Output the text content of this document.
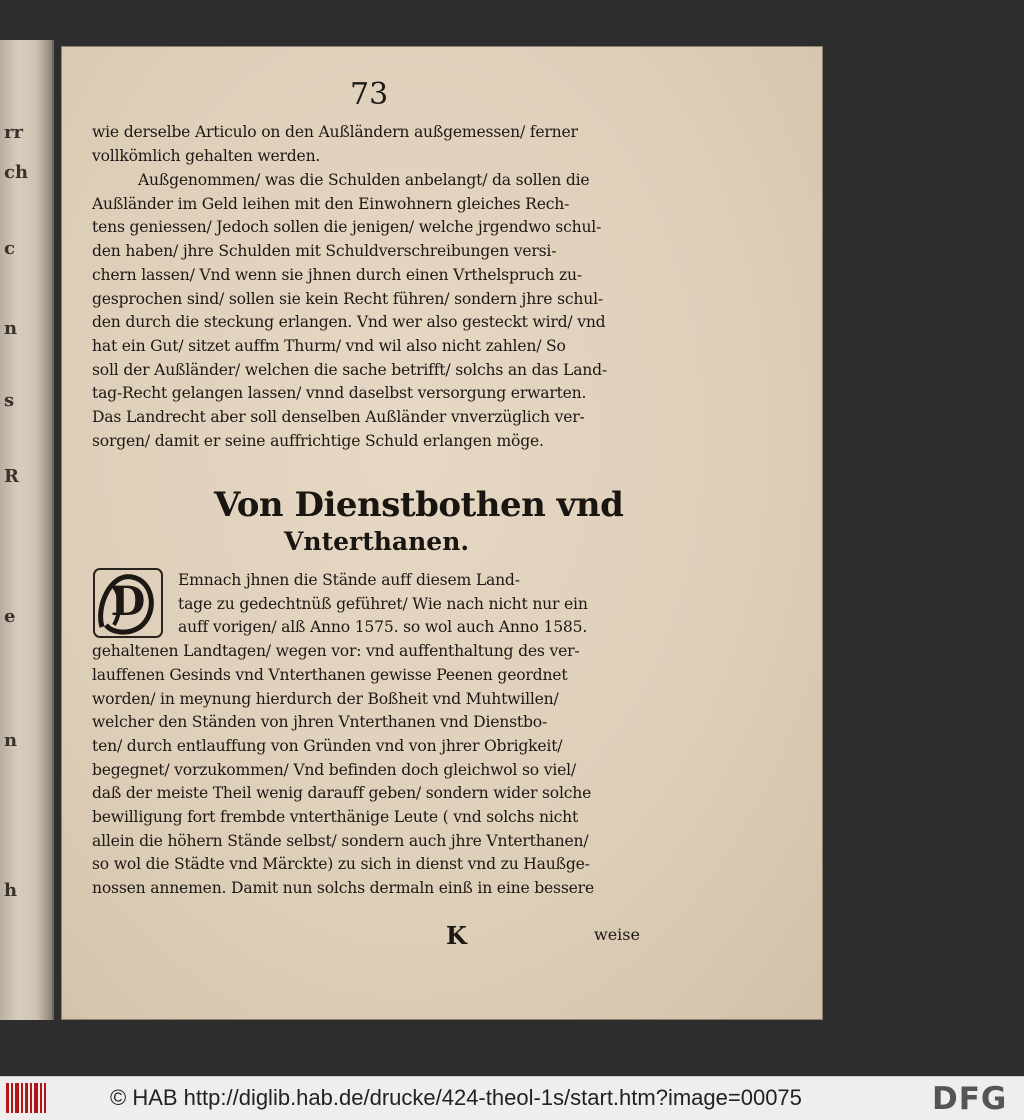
rr
ch
c
n
s
R
e
n
h
73
wie derselbe Articulo on den Außländern außgemessen/ ferner
vollkömlich gehalten werden.
Außgenommen/ was die Schulden anbelangt/ da sollen die
Außländer im Geld leihen mit den Einwohnern gleiches Rech-
tens geniessen/ Jedoch sollen die jenigen/ welche jrgendwo schul-
den haben/ jhre Schulden mit Schuldverschreibungen versi-
chern lassen/ Vnd wenn sie jhnen durch einen Vrthelspruch zu-
gesprochen sind/ sollen sie kein Recht führen/ sondern jhre schul-
den durch die steckung erlangen. Vnd wer also gesteckt wird/ vnd
hat ein Gut/ sitzet auffm Thurm/ vnd wil also nicht zahlen/ So
soll der Außländer/ welchen die sache betrifft/ solchs an das Land-
tag-Recht gelangen lassen/ vnnd daselbst versorgung erwarten.
Das Landrecht aber soll denselben Außländer vnverzüglich ver-
sorgen/ damit er seine auffrichtige Schuld erlangen möge.
Von Dienstbothen vnd
Vnterthanen.
D	Emnach jhnen die Stände auff diesem Land-
tage zu gedechtnüß geführet/ Wie nach nicht nur ein
auff vorigen/ alß Anno 1575. so wol auch Anno 1585.
gehaltenen Landtagen/ wegen vor: vnd auffenthaltung des ver-
lauffenen Gesinds vnd Vnterthanen gewisse Peenen geordnet
worden/ in meynung hierdurch der Boßheit vnd Muhtwillen/
welcher den Ständen von jhren Vnterthanen vnd Dienstbo-
ten/ durch entlauffung von Gründen vnd von jhrer Obrigkeit/
begegnet/ vorzukommen/ Vnd befinden doch gleichwol so viel/
daß der meiste Theil wenig darauff geben/ sondern wider solche
bewilligung fort frembde vnterthänige Leute ( vnd solchs nicht
allein die höhern Stände selbst/ sondern auch jhre Vnterthanen/
so wol die Städte vnd Märckte) zu sich in dienst vnd zu Haußge-
nossen annemen. Damit nun solchs dermaln einß in eine bessere
K	weise
© HAB http://diglib.hab.de/drucke/424-theol-1s/start.htm?image=00075	DFG
